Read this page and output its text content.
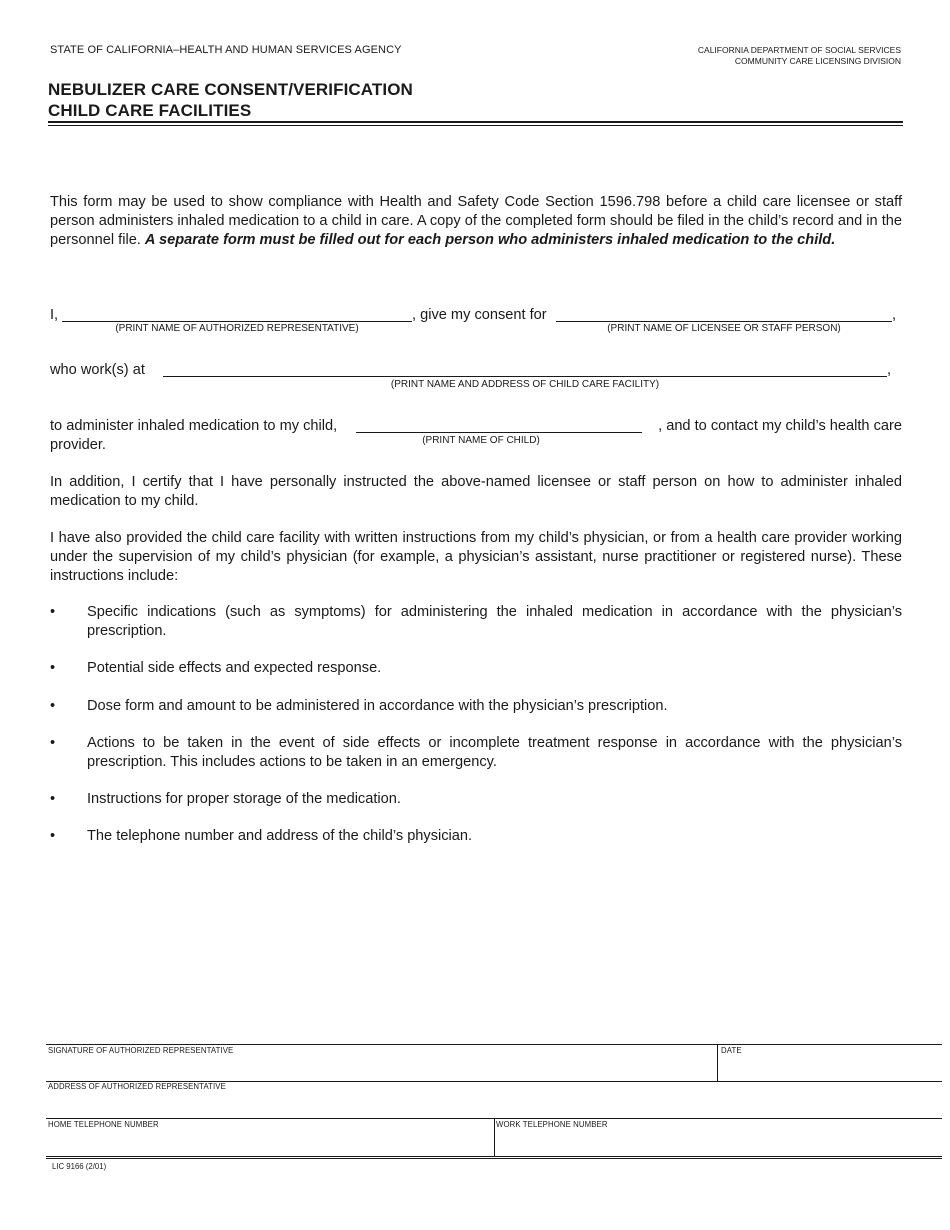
STATE OF CALIFORNIA–HEALTH AND HUMAN SERVICES AGENCY	CALIFORNIA DEPARTMENT OF SOCIAL SERVICES
COMMUNITY CARE LICENSING DIVISION
NEBULIZER CARE CONSENT/VERIFICATION
CHILD CARE FACILITIES
This form may be used to show compliance with Health and Safety Code Section 1596.798 before a child care licensee or staff person administers inhaled medication to a child in care. A copy of the completed form should be filed in the child’s record and in the personnel file. A separate form must be filled out for each person who administers inhaled medication to the child.
I,	, give my consent for	,
(PRINT NAME OF AUTHORIZED REPRESENTATIVE)	(PRINT NAME OF LICENSEE OR STAFF PERSON)
who work(s) at	,
(PRINT NAME AND ADDRESS OF CHILD CARE FACILITY)
to administer inhaled medication to my child,	, and to contact my child’s health care
(PRINT NAME OF CHILD)
provider.
In addition, I certify that I have personally instructed the above-named licensee or staff person on how to administer inhaled medication to my child.
I have also provided the child care facility with written instructions from my child’s physician, or from a health care provider working under the supervision of my child’s physician (for example, a physician’s assistant, nurse practitioner or registered nurse). These instructions include:
• Specific indications (such as symptoms) for administering the inhaled medication in accordance with the physician’s prescription.
• Potential side effects and expected response.
• Dose form and amount to be administered in accordance with the physician’s prescription.
• Actions to be taken in the event of side effects or incomplete treatment response in accordance with the physician’s prescription. This includes actions to be taken in an emergency.
• Instructions for proper storage of the medication.
• The telephone number and address of the child’s physician.
SIGNATURE OF AUTHORIZED REPRESENTATIVE	DATE
ADDRESS OF AUTHORIZED REPRESENTATIVE
HOME TELEPHONE NUMBER	WORK TELEPHONE NUMBER
LIC 9166 (2/01)
